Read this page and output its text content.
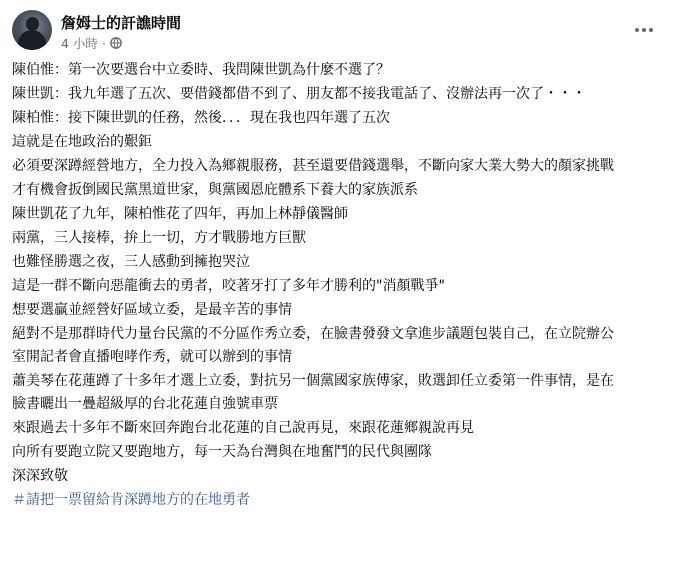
詹姆士的訐譙時間
4 小時 ·
陳伯惟：第一次要選台中立委時、我問陳世凱為什麼不選了？
陳世凱：我九年選了五次、要借錢都借不到了、朋友都不接我電話了、沒辦法再一次了・・・
陳柏惟：接下陳世凱的任務，然後．．．現在我也四年選了五次
這就是在地政治的艱鉅
必須要深蹲經營地方，全力投入為鄉親服務，甚至還要借錢選舉，不斷向家大業大勢大的顏家挑戰
才有機會扳倒國民黨黑道世家，與黨國恩庇體系下養大的家族派系
陳世凱花了九年，陳柏惟花了四年，再加上林靜儀醫師
兩黨，三人接棒，拚上一切，方才戰勝地方巨獸
也難怪勝選之夜，三人感動到擁抱哭泣
這是一群不斷向惡龍衝去的勇者，咬著牙打了多年才勝利的"消顏戰爭"
想要選贏並經營好區域立委，是最辛苦的事情
絕對不是那群時代力量台民黨的不分區作秀立委，在臉書發發文拿進步議題包裝自己，在立院辦公
室開記者會直播咆哮作秀，就可以辦到的事情
蕭美琴在花蓮蹲了十多年才選上立委，對抗另一個黨國家族傅家，敗選卸任立委第一件事情，是在
臉書曬出一疊超級厚的台北花蓮自強號車票
來跟過去十多年不斷來回奔跑台北花蓮的自己說再見，來跟花蓮鄉親說再見
向所有要跑立院又要跑地方，每一天為台灣與在地奮鬥的民代與團隊
深深致敬
＃請把一票留給肯深蹲地方的在地勇者
